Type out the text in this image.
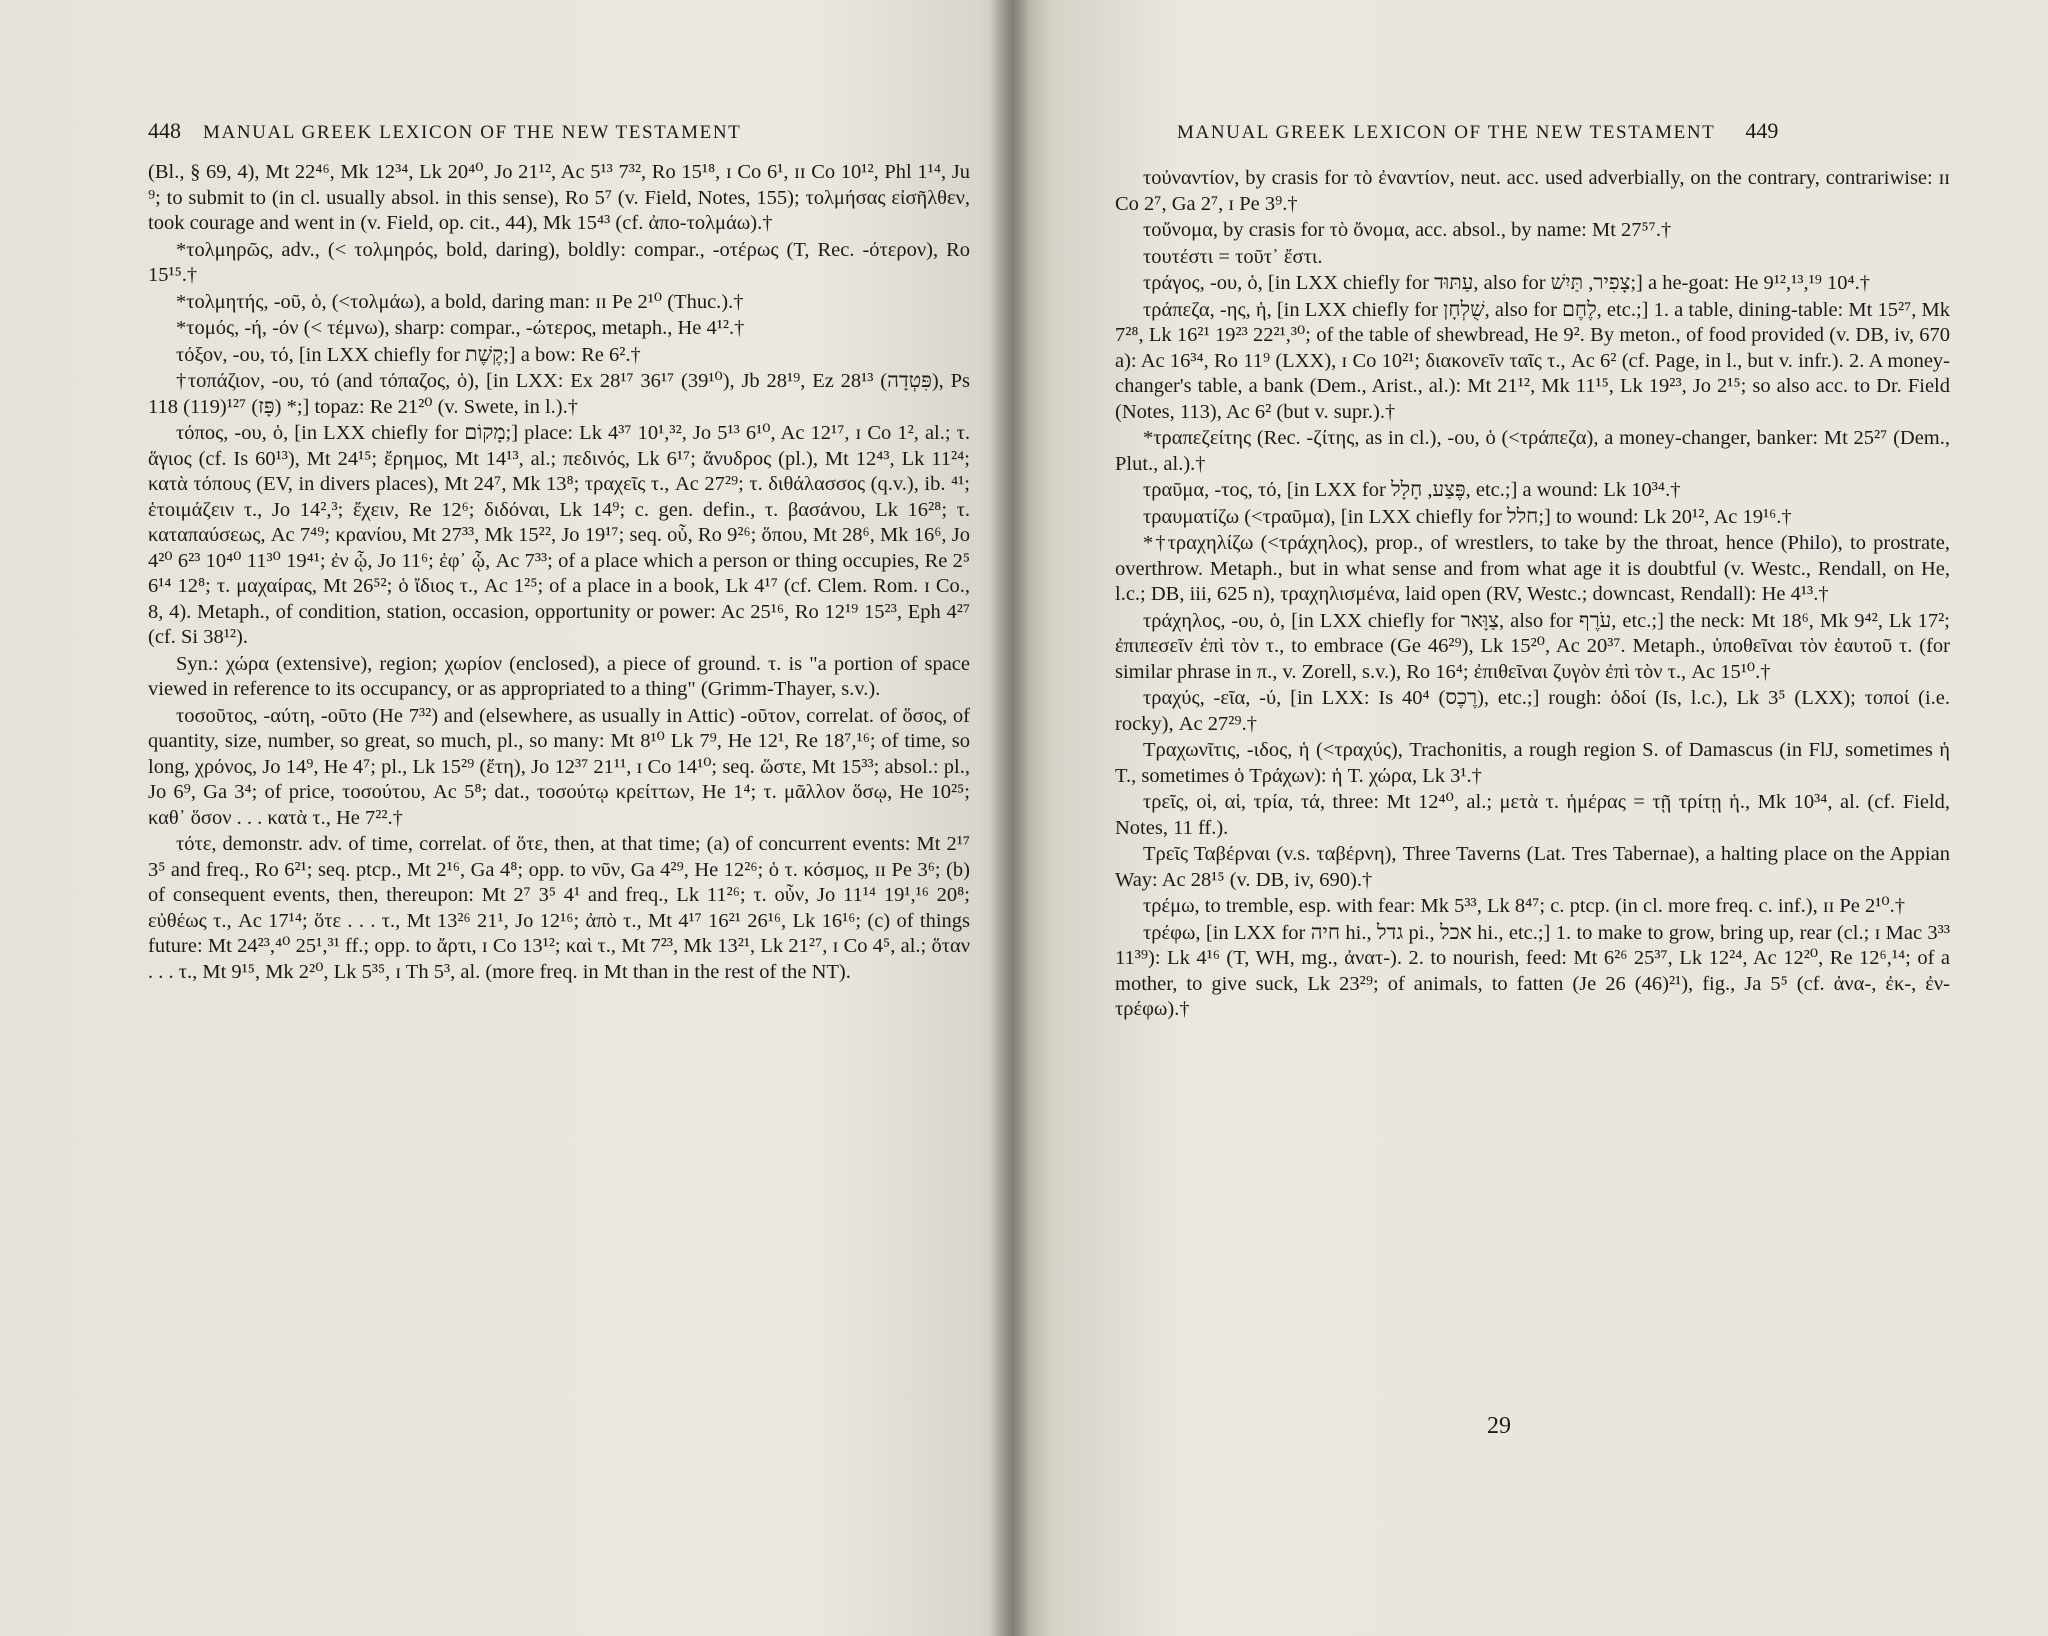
448 MANUAL GREEK LEXICON OF THE NEW TESTAMENT

(Bl., § 69, 4), Mt 22⁴⁶, Mk 12³⁴, Lk 20⁴⁰, Jo 21¹², Ac 5¹³ 7³², Ro 15¹⁸, ɪ Co 6¹, ɪɪ Co 10¹², Phl 1¹⁴, Ju ⁹; to submit to (in cl. usually absol. in this sense), Ro 5⁷ (v. Field, Notes, 155); τολμήσας εἰσῆλθεν, took courage and went in (v. Field, op. cit., 44), Mk 15⁴³ (cf. ἀπο-τολμάω).†

*τολμηρῶς, adv., (< τολμηρός, bold, daring), boldly: compar., -οτέρως (T, Rec. -ότερον), Ro 15¹⁵.†

*τολμητής, -οῦ, ὁ, (<τολμάω), a bold, daring man: ɪɪ Pe 2¹⁰ (Thuc.).†

*τομός, -ή, -όν (< τέμνω), sharp: compar., -ώτερος, metaph., He 4¹².†

τόξον, -ου, τό, [in LXX chiefly for קֶשֶׁת;] a bow: Re 6².†

†τοπάζιον, -ου, τό (and τόπαζος, ὁ), [in LXX: Ex 28¹⁷ 36¹⁷ (39¹⁰), Jb 28¹⁹, Ez 28¹³ (פִּטְדָה), Ps 118 (119)¹²⁷ (פָּז) *;] topaz: Re 21²⁰ (v. Swete, in l.).†

τόπος, -ου, ὁ, [in LXX chiefly for מָקוֹם;] place: Lk 4³⁷ 10¹,³², Jo 5¹³ 6¹⁰, Ac 12¹⁷, ɪ Co 1², al.; τ. ἅγιος (cf. Is 60¹³), Mt 24¹⁵; ἔρημος, Mt 14¹³, al.; πεδινός, Lk 6¹⁷; ἄνυδρος (pl.), Mt 12⁴³, Lk 11²⁴; κατὰ τόπους (EV, in divers places), Mt 24⁷, Mk 13⁸; τραχεῖς τ., Ac 27²⁹; τ. διθάλασσος (q.v.), ib. ⁴¹; ἑτοιμάζειν τ., Jo 14²,³; ἔχειν, Re 12⁶; διδόναι, Lk 14⁹; c. gen. defin., τ. βασάνου, Lk 16²⁸; τ. καταπαύσεως, Ac 7⁴⁹; κρανίου, Mt 27³³, Mk 15²², Jo 19¹⁷; seq. οὗ, Ro 9²⁶; ὅπου, Mt 28⁶, Mk 16⁶, Jo 4²⁰ 6²³ 10⁴⁰ 11³⁰ 19⁴¹; ἐν ᾧ, Jo 11⁶; ἐφ᾽ ᾧ, Ac 7³³; of a place which a person or thing occupies, Re 2⁵ 6¹⁴ 12⁸; τ. μαχαίρας, Mt 26⁵²; ὁ ἴδιος τ., Ac 1²⁵; of a place in a book, Lk 4¹⁷ (cf. Clem. Rom. ɪ Co., 8, 4). Metaph., of condition, station, occasion, opportunity or power: Ac 25¹⁶, Ro 12¹⁹ 15²³, Eph 4²⁷ (cf. Si 38¹²).

Syn.: χώρα (extensive), region; χωρίον (enclosed), a piece of ground. τ. is "a portion of space viewed in reference to its occupancy, or as appropriated to a thing" (Grimm-Thayer, s.v.).

τοσοῦτος, -αύτη, -οῦτο (He 7³²) and (elsewhere, as usually in Attic) -οῦτον, correlat. of ὅσος, of quantity, size, number, so great, so much, pl., so many: Mt 8¹⁰ Lk 7⁹, He 12¹, Re 18⁷,¹⁶; of time, so long, χρόνος, Jo 14⁹, He 4⁷; pl., Lk 15²⁹ (ἔτη), Jo 12³⁷ 21¹¹, ɪ Co 14¹⁰; seq. ὥστε, Mt 15³³; absol.: pl., Jo 6⁹, Ga 3⁴; of price, τοσούτου, Ac 5⁸; dat., τοσούτῳ κρείττων, He 1⁴; τ. μᾶλλον ὅσῳ, He 10²⁵; καθ᾽ ὅσον . . . κατὰ τ., He 7²².†

τότε, demonstr. adv. of time, correlat. of ὅτε, then, at that time; (a) of concurrent events: Mt 2¹⁷ 3⁵ and freq., Ro 6²¹; seq. ptcp., Mt 2¹⁶, Ga 4⁸; opp. to νῦν, Ga 4²⁹, He 12²⁶; ὁ τ. κόσμος, ɪɪ Pe 3⁶; (b) of consequent events, then, thereupon: Mt 2⁷ 3⁵ 4¹ and freq., Lk 11²⁶; τ. οὖν, Jo 11¹⁴ 19¹,¹⁶ 20⁸; εὐθέως τ., Ac 17¹⁴; ὅτε . . . τ., Mt 13²⁶ 21¹, Jo 12¹⁶; ἀπὸ τ., Mt 4¹⁷ 16²¹ 26¹⁶, Lk 16¹⁶; (c) of things future: Mt 24²³,⁴⁰ 25¹,³¹ ff.; opp. to ἄρτι, ɪ Co 13¹²; καὶ τ., Mt 7²³, Mk 13²¹, Lk 21²⁷, ɪ Co 4⁵, al.; ὅταν . . . τ., Mt 9¹⁵, Mk 2²⁰, Lk 5³⁵, ɪ Th 5³, al. (more freq. in Mt than in the rest of the NT).

MANUAL GREEK LEXICON OF THE NEW TESTAMENT 449

τοὐναντίον, by crasis for τὸ ἐναντίον, neut. acc. used adverbially, on the contrary, contrariwise: ɪɪ Co 2⁷, Ga 2⁷, ɪ Pe 3⁹.†

τοὔνομα, by crasis for τὸ ὄνομα, acc. absol., by name: Mt 27⁵⁷.†

τουτέστι = τοῦτ᾽ ἔστι.

τράγος, -ου, ὁ, [in LXX chiefly for עַתּוּד, also for צָפִיר, תַּיִשׁ;] a he-goat: He 9¹²,¹³,¹⁹ 10⁴.†

τράπεζα, -ης, ἡ, [in LXX chiefly for שֻׁלְחָן, also for לֶחֶם, etc.;] 1. a table, dining-table: Mt 15²⁷, Mk 7²⁸, Lk 16²¹ 19²³ 22²¹,³⁰; of the table of shewbread, He 9². By meton., of food provided (v. DB, iv, 670 a): Ac 16³⁴, Ro 11⁹ (LXX), ɪ Co 10²¹; διακονεῖν ταῖς τ., Ac 6² (cf. Page, in l., but v. infr.). 2. A money-changer's table, a bank (Dem., Arist., al.): Mt 21¹², Mk 11¹⁵, Lk 19²³, Jo 2¹⁵; so also acc. to Dr. Field (Notes, 113), Ac 6² (but v. supr.).†

*τραπεζείτης (Rec. -ζίτης, as in cl.), -ου, ὁ (<τράπεζα), a money-changer, banker: Mt 25²⁷ (Dem., Plut., al.).†

τραῦμα, -τος, τό, [in LXX for פֶּצַע, חָלָל, etc.;] a wound: Lk 10³⁴.†

τραυματίζω (<τραῦμα), [in LXX chiefly for חלל;] to wound: Lk 20¹², Ac 19¹⁶.†

*†τραχηλίζω (<τράχηλος), prop., of wrestlers, to take by the throat, hence (Philo), to prostrate, overthrow. Metaph., but in what sense and from what age it is doubtful (v. Westc., Rendall, on He, l.c.; DB, iii, 625 n), τραχηλισμένα, laid open (RV, Westc.; downcast, Rendall): He 4¹³.†

τράχηλος, -ου, ὁ, [in LXX chiefly for צַוָּאר, also for עֹרֶף, etc.;] the neck: Mt 18⁶, Mk 9⁴², Lk 17²; ἐπιπεσεῖν ἐπὶ τὸν τ., to embrace (Ge 46²⁹), Lk 15²⁰, Ac 20³⁷. Metaph., ὑποθεῖναι τὸν ἑαυτοῦ τ. (for similar phrase in π., v. Zorell, s.v.), Ro 16⁴; ἐπιθεῖναι ζυγὸν ἐπὶ τὸν τ., Ac 15¹⁰.†

τραχύς, -εῖα, -ύ, [in LXX: Is 40⁴ (רֶכֶס), etc.;] rough: ὁδοί (Is, l.c.), Lk 3⁵ (LXX); τοποί (i.e. rocky), Ac 27²⁹.†

Τραχωνῖτις, -ιδος, ἡ (<τραχύς), Trachonitis, a rough region S. of Damascus (in FlJ, sometimes ἡ T., sometimes ὁ Τράχων): ἡ T. χώρα, Lk 3¹.†

τρεῖς, οἱ, αἱ, τρία, τά, three: Mt 12⁴⁰, al.; μετὰ τ. ἡμέρας = τῇ τρίτῃ ἡ., Mk 10³⁴, al. (cf. Field, Notes, 11 ff.).

Τρεῖς Ταβέρναι (v.s. ταβέρνη), Three Taverns (Lat. Tres Tabernae), a halting place on the Appian Way: Ac 28¹⁵ (v. DB, iv, 690).†

τρέμω, to tremble, esp. with fear: Mk 5³³, Lk 8⁴⁷; c. ptcp. (in cl. more freq. c. inf.), ɪɪ Pe 2¹⁰.†

τρέφω, [in LXX for חיה hi., גדל pi., אכל hi., etc.;] 1. to make to grow, bring up, rear (cl.; ɪ Mac 3³³ 11³⁹): Lk 4¹⁶ (T, WH, mg., ἀνατ-). 2. to nourish, feed: Mt 6²⁶ 25³⁷, Lk 12²⁴, Ac 12²⁰, Re 12⁶,¹⁴; of a mother, to give suck, Lk 23²⁹; of animals, to fatten (Je 26 (46)²¹), fig., Ja 5⁵ (cf. ἀνα-, ἐκ-, ἐν-τρέφω).†

29
